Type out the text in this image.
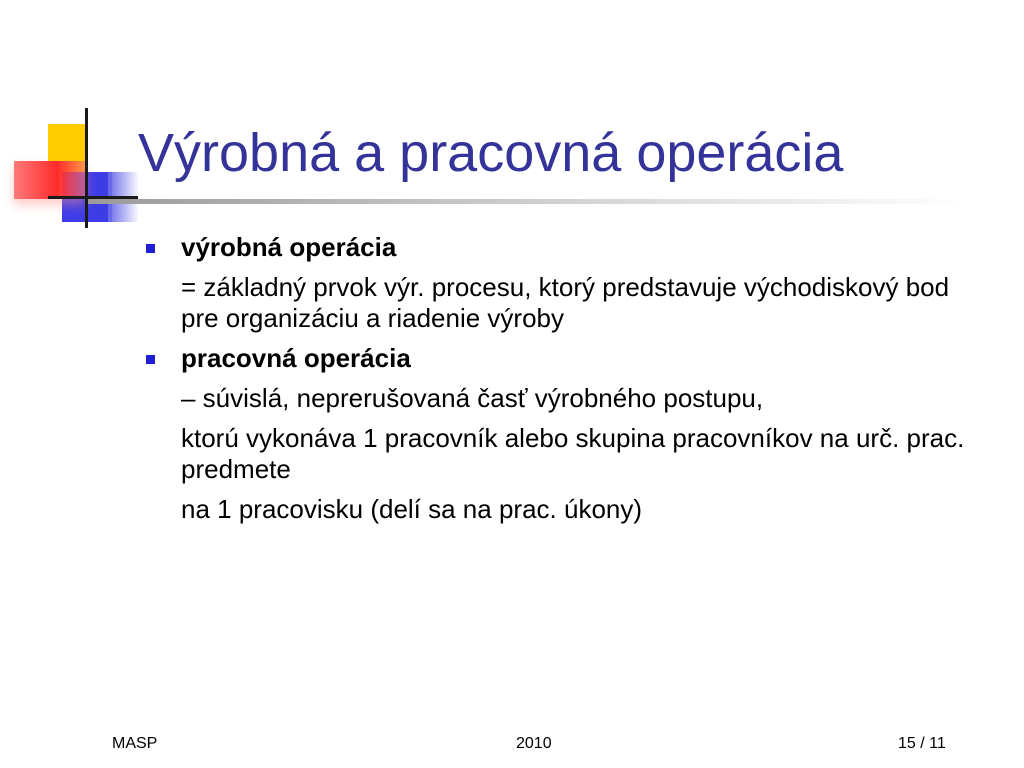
Výrobná a pracovná operácia
výrobná operácia
= základný prvok výr. procesu, ktorý predstavuje východiskový bod pre organizáciu a riadenie výroby
pracovná operácia
– súvislá, neprerušovaná časť výrobného postupu,
ktorú vykonáva 1 pracovník alebo skupina pracovníkov na urč. prac. predmete
na 1 pracovisku (delí sa na prac. úkony)
MASP	2010	15 / 11
